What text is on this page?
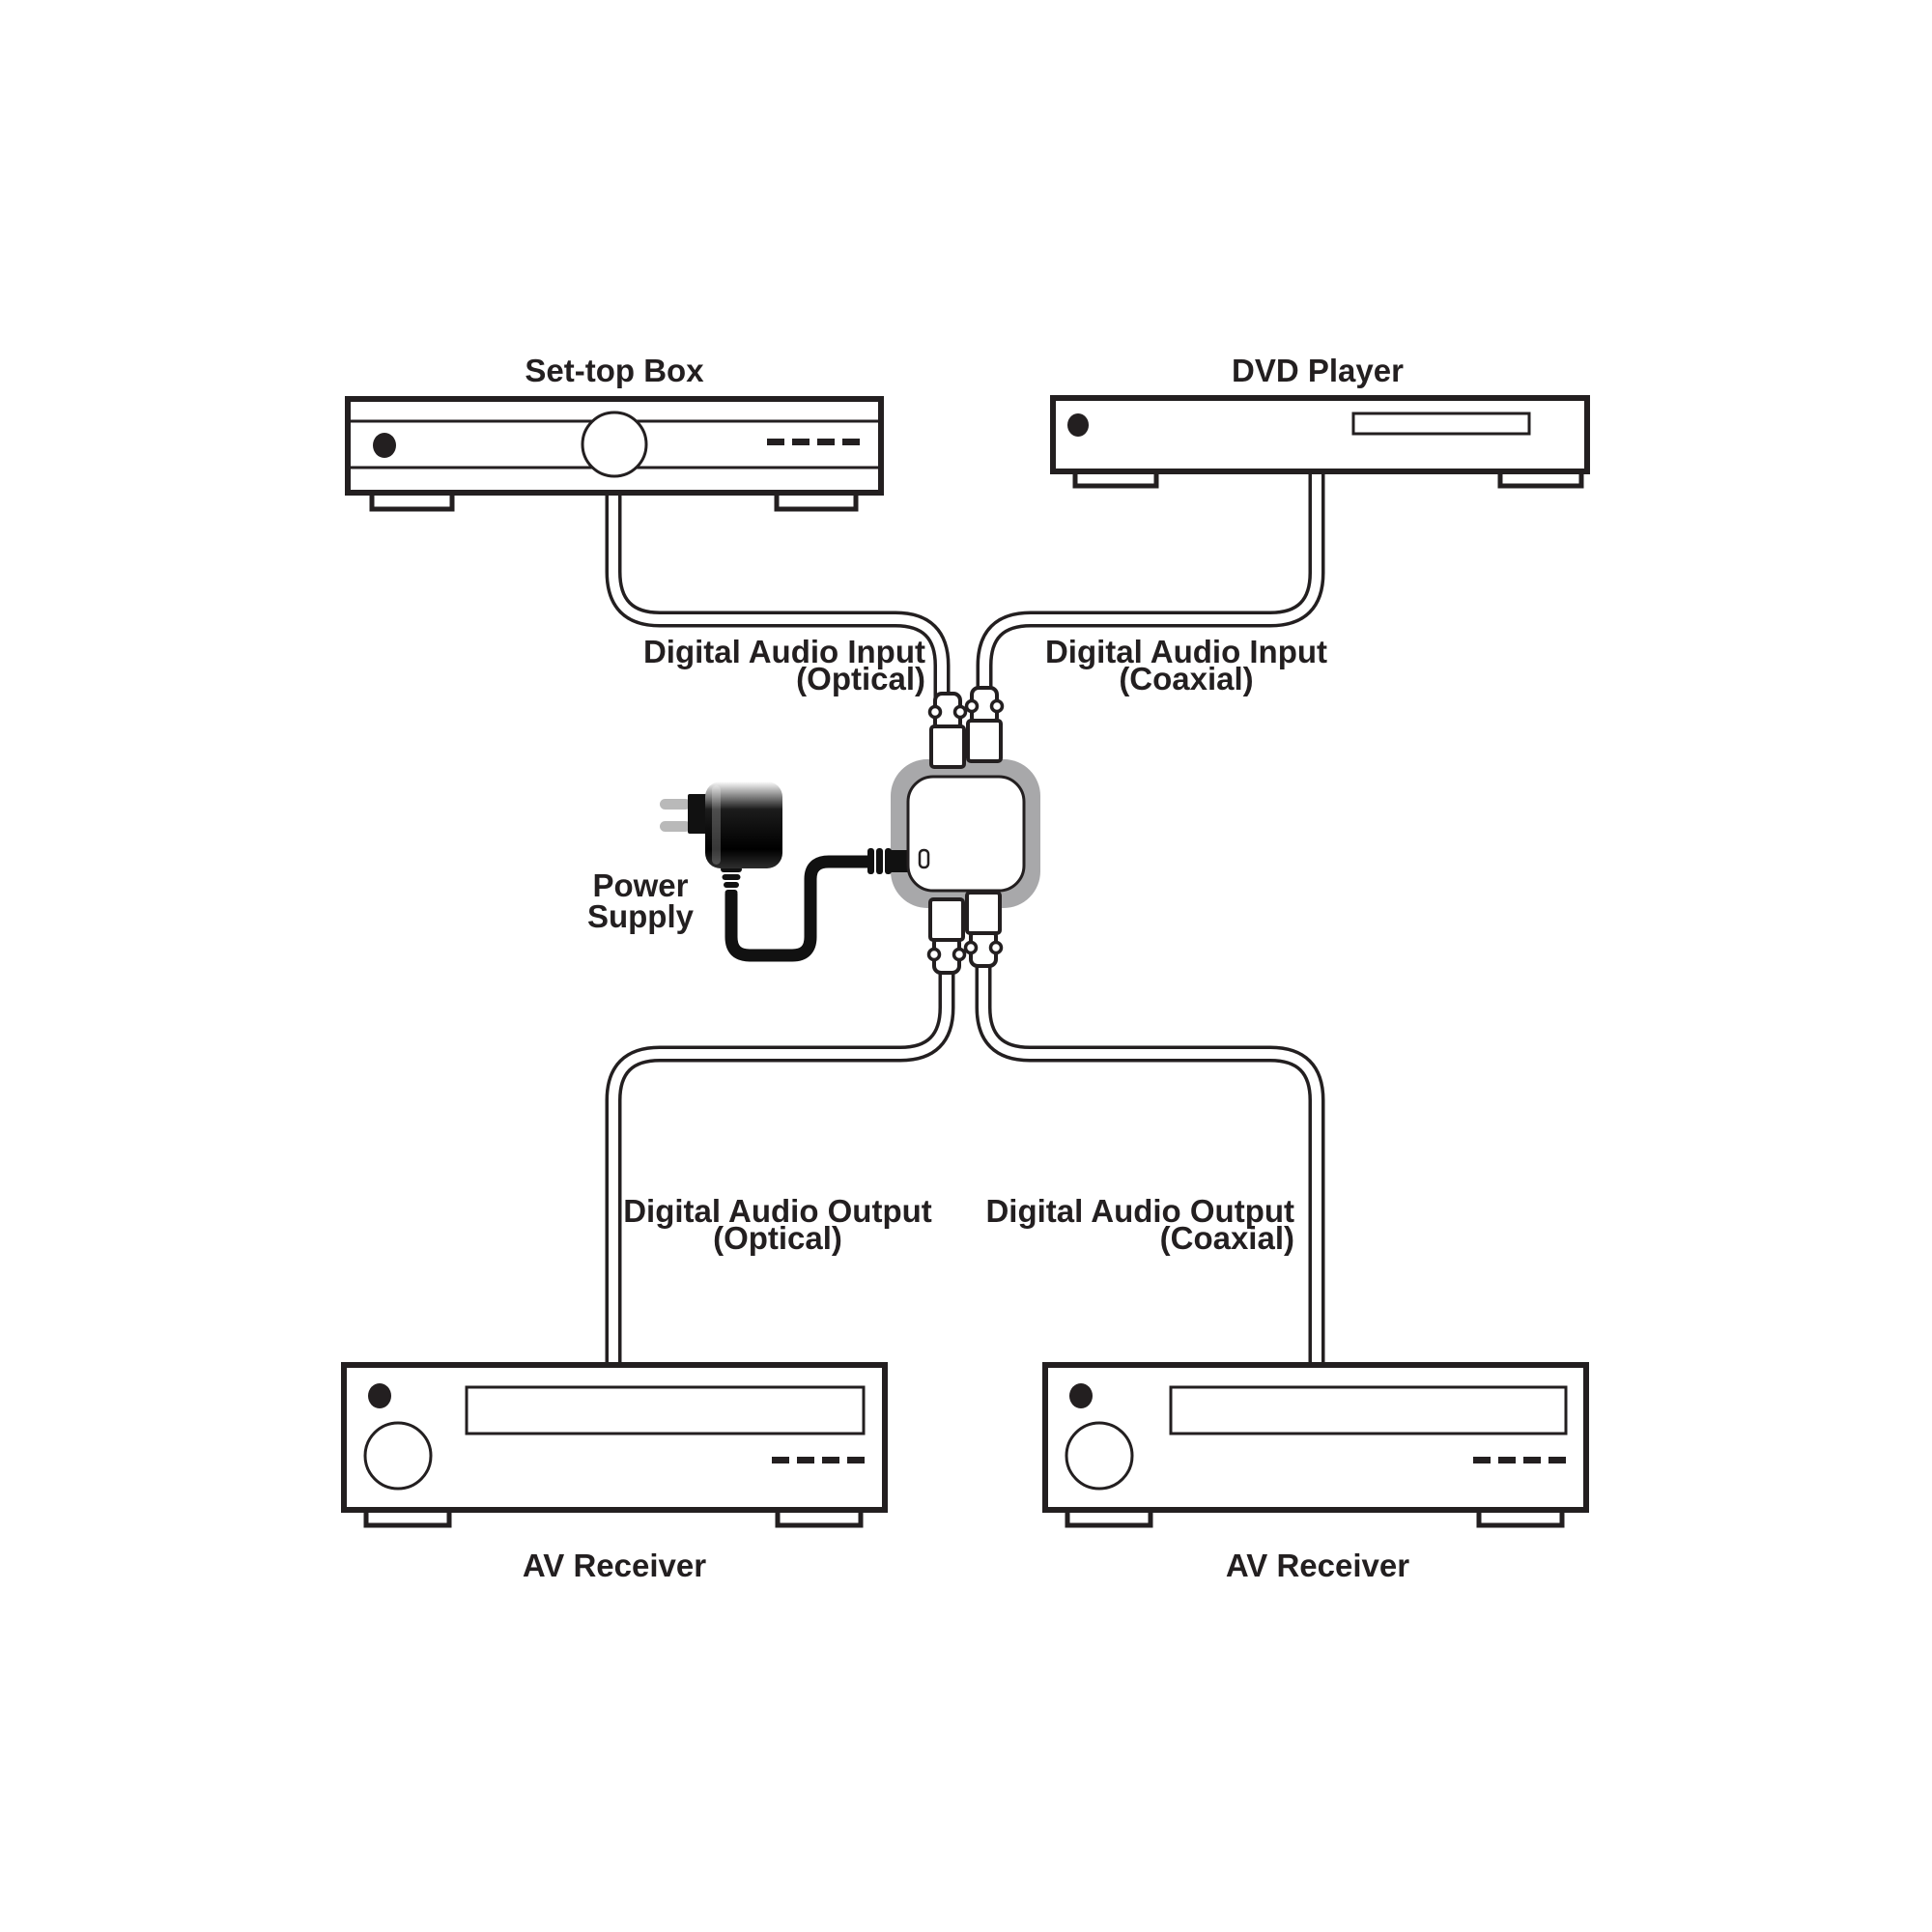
Set-top Box	DVD Player
AV Receiver	AV Receiver
Power
Supply
Digital Audio Input
(Optical)
Digital Audio Input
(Coaxial)
Digital Audio Output
(Optical)
Digital Audio Output
(Coaxial)
